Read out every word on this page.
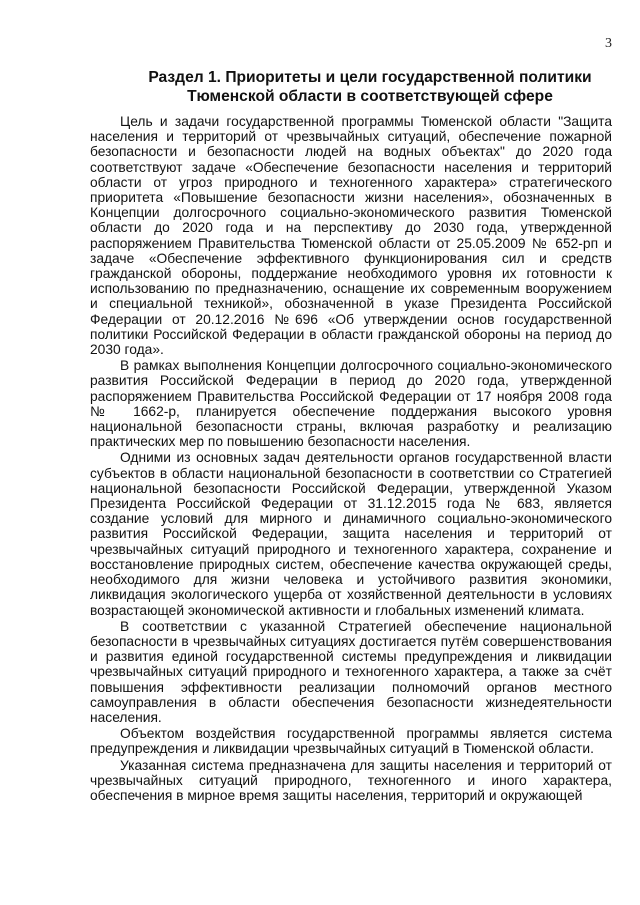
3
Раздел 1. Приоритеты и цели государственной политики
Тюменской области в соответствующей сфере

Цель и задачи государственной программы Тюменской области "Защита населения и территорий от чрезвычайных ситуаций, обеспечение пожарной безопасности и безопасности людей на водных объектах" до 2020 года соответствуют задаче «Обеспечение безопасности населения и территорий области от угроз природного и техногенного характера» стратегического приоритета «Повышение безопасности жизни населения», обозначенных в Концепции долгосрочного социально-экономического развития Тюменской области до 2020 года и на перспективу до 2030 года, утвержденной распоряжением Правительства Тюменской области от 25.05.2009 № 652-рп и задаче «Обеспечение эффективного функционирования сил и средств гражданской обороны, поддержание необходимого уровня их готовности к использованию по предназначению, оснащение их современным вооружением и специальной техникой», обозначенной в указе Президента Российской Федерации от 20.12.2016 №696 «Об утверждении основ государственной политики Российской Федерации в области гражданской обороны на период до 2030 года».

В рамках выполнения Концепции долгосрочного социально-экономического развития Российской Федерации в период до 2020 года, утвержденной распоряжением Правительства Российской Федерации от 17 ноября 2008 года № 1662-р, планируется обеспечение поддержания высокого уровня национальной безопасности страны, включая разработку и реализацию практических мер по повышению безопасности населения.

Одними из основных задач деятельности органов государственной власти субъектов в области национальной безопасности в соответствии со Стратегией национальной безопасности Российской Федерации, утвержденной Указом Президента Российской Федерации от 31.12.2015 года № 683, является создание условий для мирного и динамичного социально-экономического развития Российской Федерации, защита населения и территорий от чрезвычайных ситуаций природного и техногенного характера, сохранение и восстановление природных систем, обеспечение качества окружающей среды, необходимого для жизни человека и устойчивого развития экономики, ликвидация экологического ущерба от хозяйственной деятельности в условиях возрастающей экономической активности и глобальных изменений климата.

В соответствии с указанной Стратегией обеспечение национальной безопасности в чрезвычайных ситуациях достигается путём совершенствования и развития единой государственной системы предупреждения и ликвидации чрезвычайных ситуаций природного и техногенного характера, а также за счёт повышения эффективности реализации полномочий органов местного самоуправления в области обеспечения безопасности жизнедеятельности населения.

Объектом воздействия государственной программы является система предупреждения и ликвидации чрезвычайных ситуаций в Тюменской области.

Указанная система предназначена для защиты населения и территорий от чрезвычайных ситуаций природного, техногенного и иного характера, обеспечения в мирное время защиты населения, территорий и окружающей
